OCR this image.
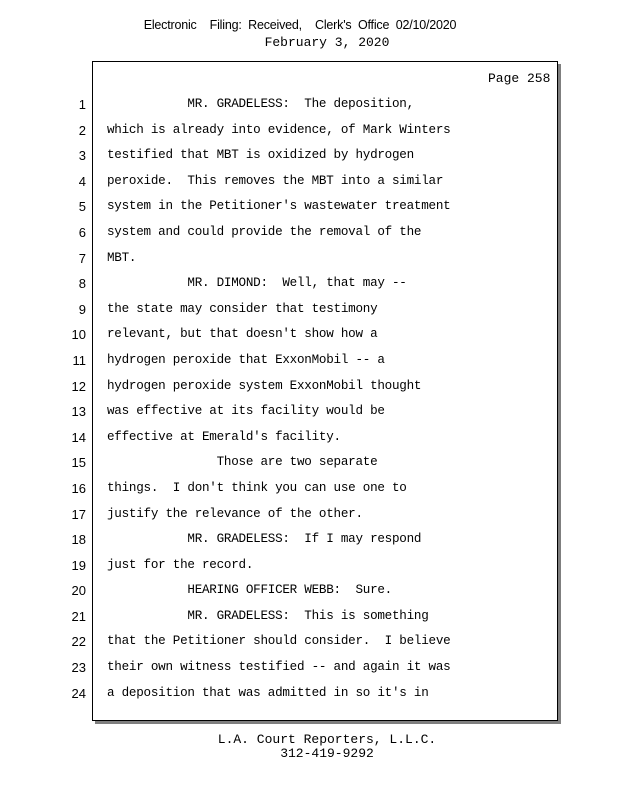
Electronic    Filing:  Received,    Clerk's  Office  02/10/2020
February 3, 2020
Page 258
1
2
3
4
5
6
7
8
9
10
11
12
13
14
15
16
17
18
19
20
21
22
23
24
MR. GRADELESS:  The deposition,
which is already into evidence, of Mark Winters
testified that MBT is oxidized by hydrogen
peroxide.  This removes the MBT into a similar
system in the Petitioner's wastewater treatment
system and could provide the removal of the
MBT.
MR. DIMOND:  Well, that may --
the state may consider that testimony
relevant, but that doesn't show how a
hydrogen peroxide that ExxonMobil -- a
hydrogen peroxide system ExxonMobil thought
was effective at its facility would be
effective at Emerald's facility.
Those are two separate
things.  I don't think you can use one to
justify the relevance of the other.
MR. GRADELESS:  If I may respond
just for the record.
HEARING OFFICER WEBB:  Sure.
MR. GRADELESS:  This is something
that the Petitioner should consider.  I believe
their own witness testified -- and again it was
a deposition that was admitted in so it's in
L.A. Court Reporters, L.L.C.
312-419-9292
